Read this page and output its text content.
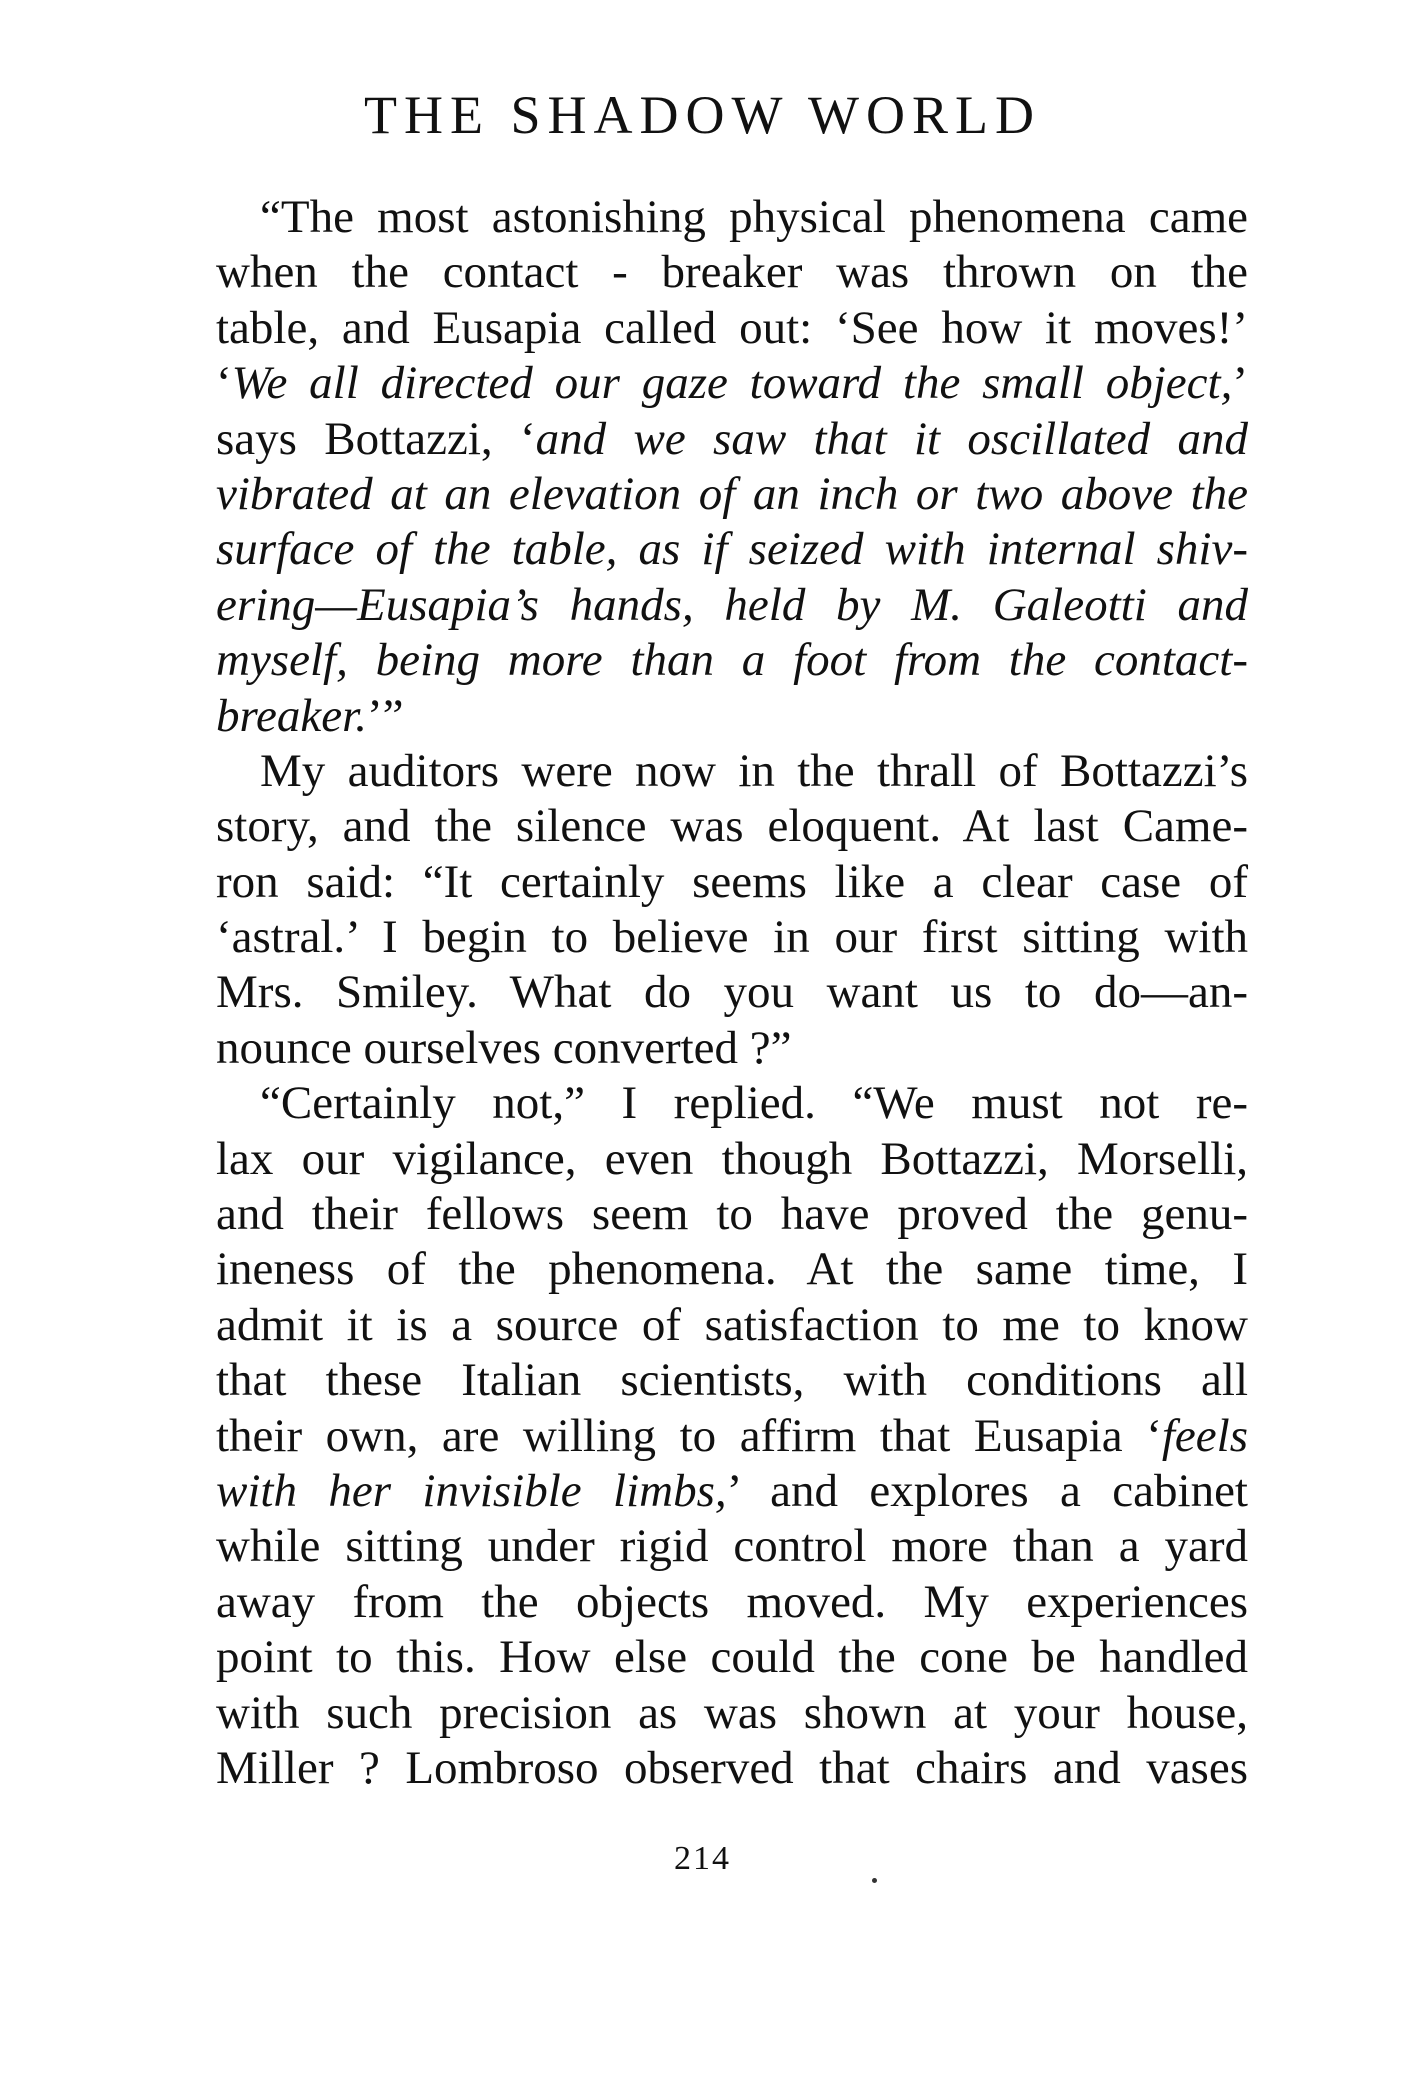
THE SHADOW WORLD
“The most astonishing physical phenomena came
when the contact - breaker was thrown on the
table, and Eusapia called out: ‘See how it moves!’
‘We all directed our gaze toward the small object,’
says Bottazzi, ‘and we saw that it oscillated and
vibrated at an elevation of an inch or two above the
surface of the table, as if seized with internal shiv-
ering—Eusapia’s hands, held by M. Galeotti and
myself, being more than a foot from the contact-
breaker.’”
My auditors were now in the thrall of Bottazzi’s
story, and the silence was eloquent. At last Came-
ron said: “It certainly seems like a clear case of
‘astral.’ I begin to believe in our first sitting with
Mrs. Smiley. What do you want us to do—an-
nounce ourselves converted ?”
“Certainly not,” I replied. “We must not re-
lax our vigilance, even though Bottazzi, Morselli,
and their fellows seem to have proved the genu-
ineness of the phenomena. At the same time, I
admit it is a source of satisfaction to me to know
that these Italian scientists, with conditions all
their own, are willing to affirm that Eusapia ‘feels
with her invisible limbs,’ and explores a cabinet
while sitting under rigid control more than a yard
away from the objects moved. My experiences
point to this. How else could the cone be handled
with such precision as was shown at your house,
Miller ? Lombroso observed that chairs and vases
214
